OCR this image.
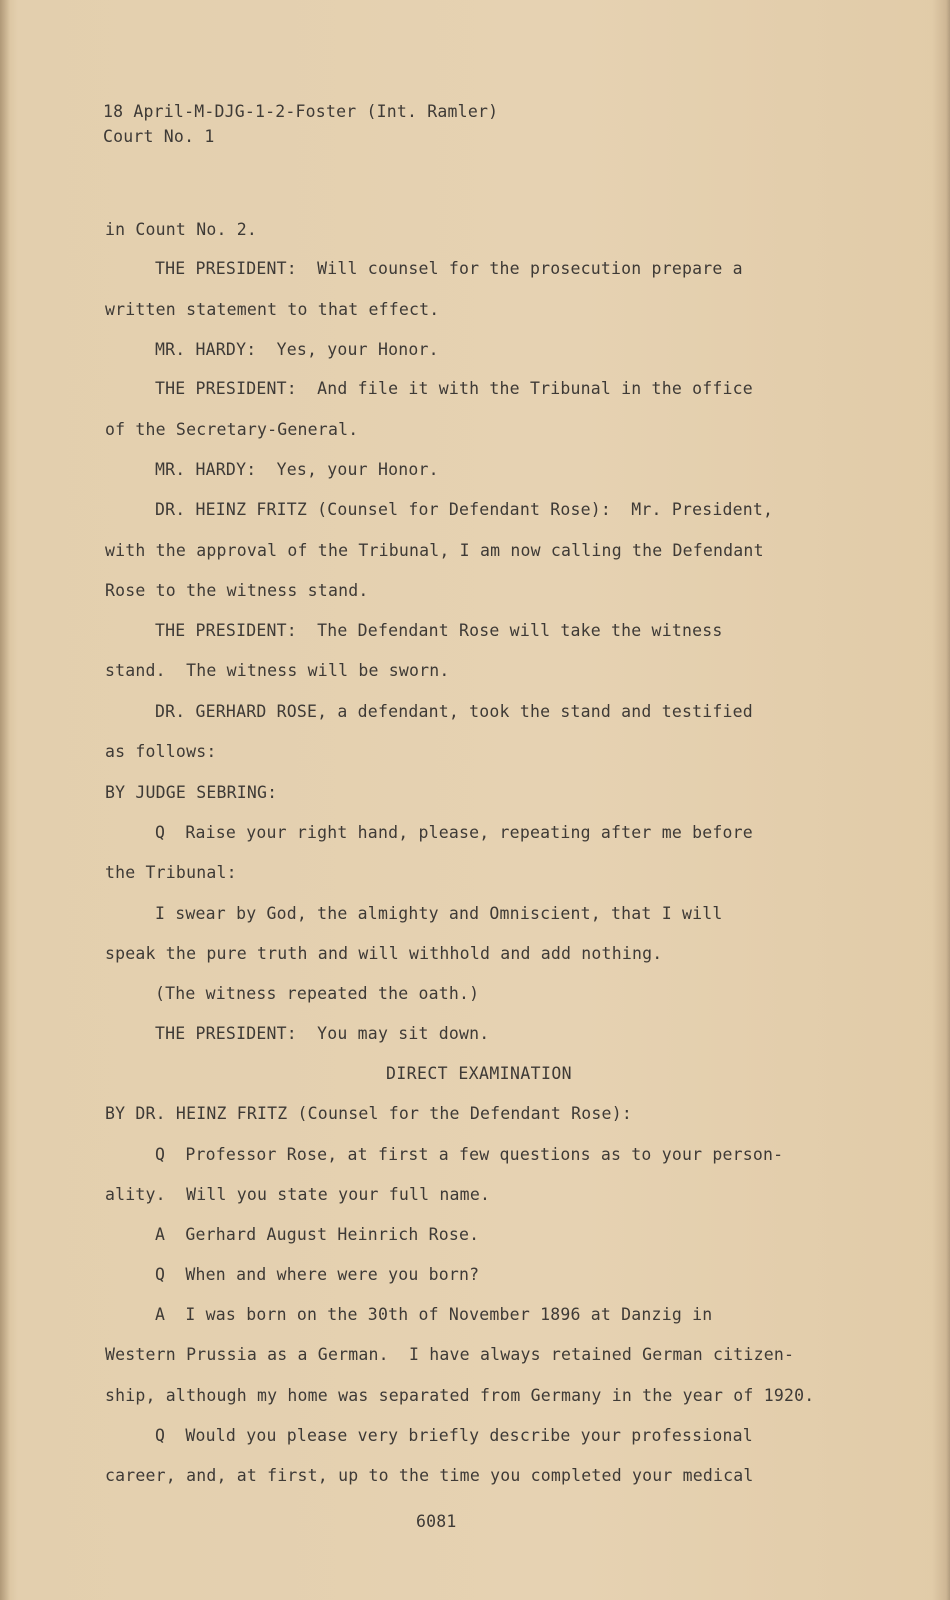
18 April-M-DJG-1-2-Foster (Int. Ramler)
Court No. 1
in Count No. 2.
THE PRESIDENT:  Will counsel for the prosecution prepare a
written statement to that effect.
MR. HARDY:  Yes, your Honor.
THE PRESIDENT:  And file it with the Tribunal in the office
of the Secretary-General.
MR. HARDY:  Yes, your Honor.
DR. HEINZ FRITZ (Counsel for Defendant Rose):  Mr. President,
with the approval of the Tribunal, I am now calling the Defendant
Rose to the witness stand.
THE PRESIDENT:  The Defendant Rose will take the witness
stand.  The witness will be sworn.
DR. GERHARD ROSE, a defendant, took the stand and testified
as follows:
BY JUDGE SEBRING:
Q  Raise your right hand, please, repeating after me before
the Tribunal:
I swear by God, the almighty and Omniscient, that I will
speak the pure truth and will withhold and add nothing.
(The witness repeated the oath.)
THE PRESIDENT:  You may sit down.
DIRECT EXAMINATION
BY DR. HEINZ FRITZ (Counsel for the Defendant Rose):
Q  Professor Rose, at first a few questions as to your person-
ality.  Will you state your full name.
A  Gerhard August Heinrich Rose.
Q  When and where were you born?
A  I was born on the 30th of November 1896 at Danzig in
Western Prussia as a German.  I have always retained German citizen-
ship, although my home was separated from Germany in the year of 1920.
Q  Would you please very briefly describe your professional
career, and, at first, up to the time you completed your medical
6081
